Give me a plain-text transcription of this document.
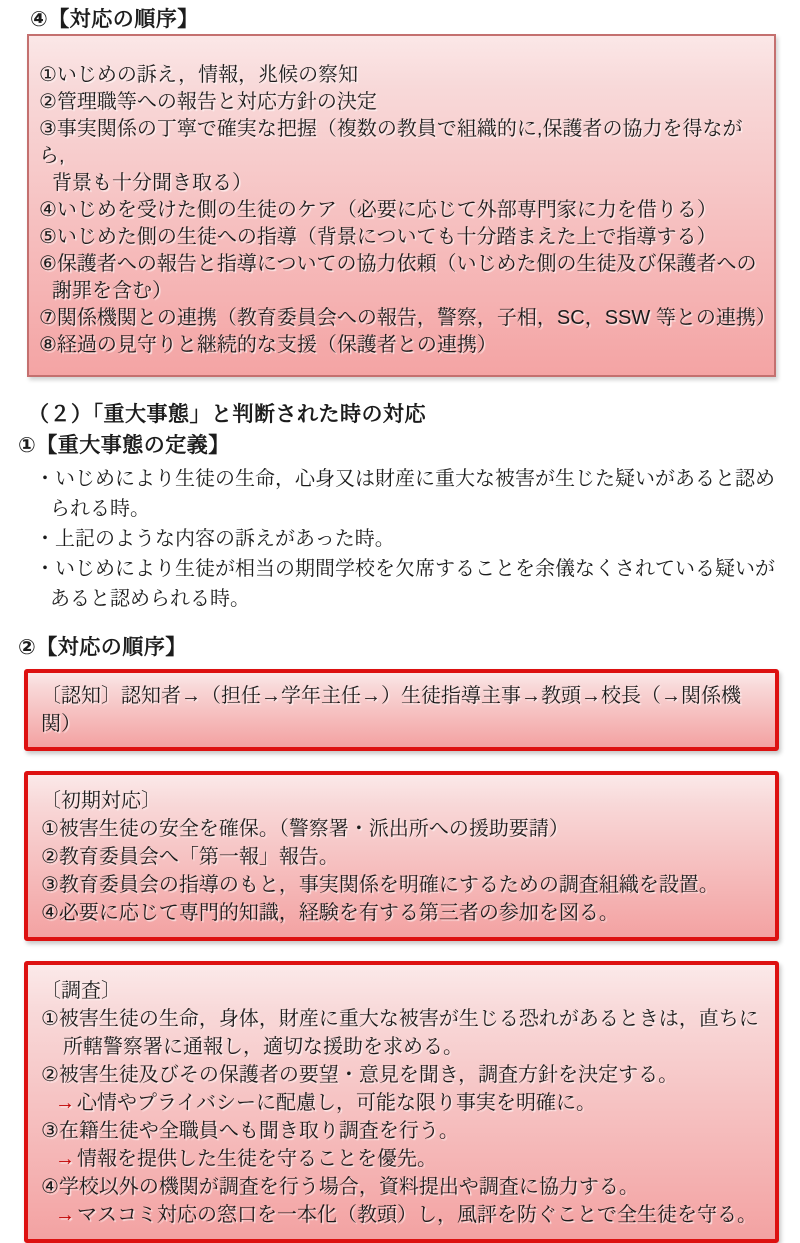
④【対応の順序】
①いじめの訴え，情報，兆候の察知
②管理職等への報告と対応方針の決定
③事実関係の丁寧で確実な把握（複数の教員で組織的に,保護者の協力を得ながら,
背景も十分聞き取る）
④いじめを受けた側の生徒のケア（必要に応じて外部専門家に力を借りる）
⑤いじめた側の生徒への指導（背景についても十分踏まえた上で指導する）
⑥保護者への報告と指導についての協力依頼（いじめた側の生徒及び保護者への
謝罪を含む）
⑦関係機関との連携（教育委員会への報告，警察，子相，SC，SSW 等との連携）
⑧経過の見守りと継続的な支援（保護者との連携）
（２）「重大事態」と判断された時の対応
①【重大事態の定義】
・いじめにより生徒の生命，心身又は財産に重大な被害が生じた疑いがあると認め
られる時。
・上記のような内容の訴えがあった時。
・いじめにより生徒が相当の期間学校を欠席することを余儀なくされている疑いが
あると認められる時。
②【対応の順序】
〔認知〕認知者→（担任→学年主任→）生徒指導主事→教頭→校長（→関係機関）
〔初期対応〕
①被害生徒の安全を確保。（警察署・派出所への援助要請）
②教育委員会へ「第一報」報告。
③教育委員会の指導のもと，事実関係を明確にするための調査組織を設置。
④必要に応じて専門的知識，経験を有する第三者の参加を図る。
〔調査〕
①被害生徒の生命，身体，財産に重大な被害が生じる恐れがあるときは，直ちに
所轄警察署に通報し，適切な援助を求める。
②被害生徒及びその保護者の要望・意見を聞き，調査方針を決定する。
→ 心情やプライバシーに配慮し，可能な限り事実を明確に。
③在籍生徒や全職員へも聞き取り調査を行う。
→ 情報を提供した生徒を守ることを優先。
④学校以外の機関が調査を行う場合，資料提出や調査に協力する。
→ マスコミ対応の窓口を一本化（教頭）し，風評を防ぐことで全生徒を守る。
